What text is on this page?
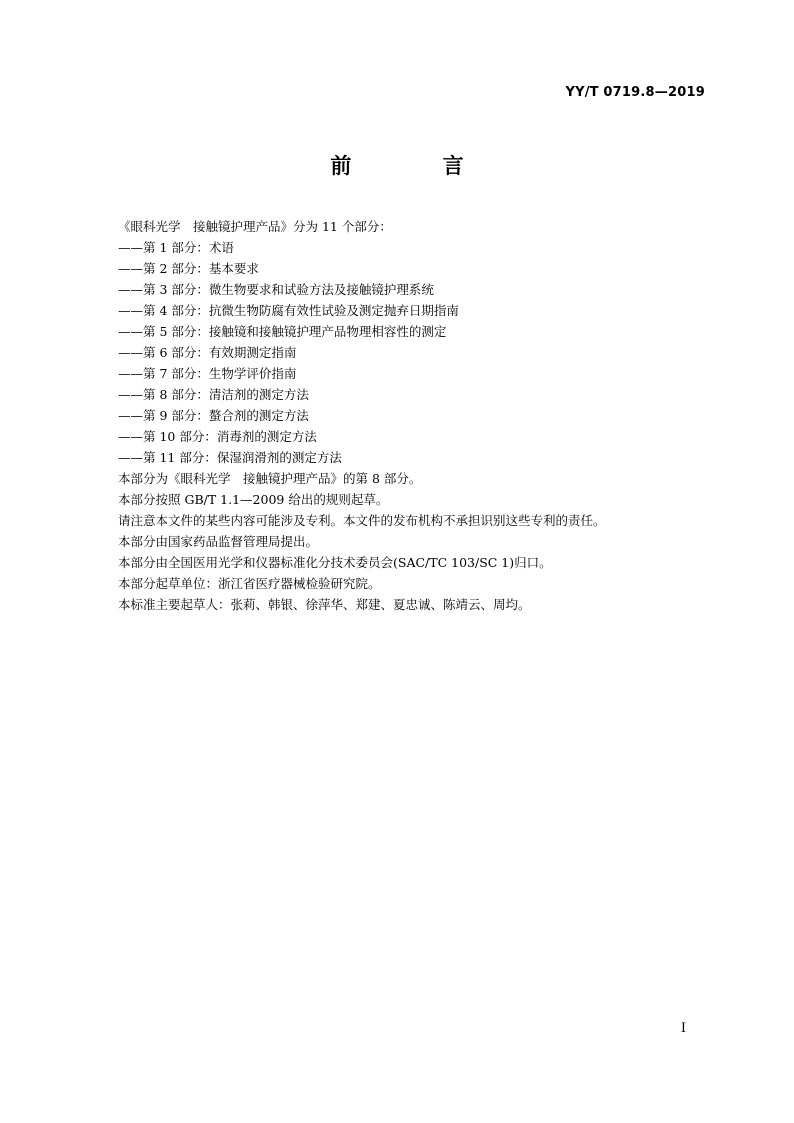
YY/T 0719.8—2019
前 言
《眼科光学　接触镜护理产品》分为 11 个部分：
——第 1 部分：术语
——第 2 部分：基本要求
——第 3 部分：微生物要求和试验方法及接触镜护理系统
——第 4 部分：抗微生物防腐有效性试验及测定抛弃日期指南
——第 5 部分：接触镜和接触镜护理产品物理相容性的测定
——第 6 部分：有效期测定指南
——第 7 部分：生物学评价指南
——第 8 部分：清洁剂的测定方法
——第 9 部分：螯合剂的测定方法
——第 10 部分：消毒剂的测定方法
——第 11 部分：保湿润滑剂的测定方法
本部分为《眼科光学　接触镜护理产品》的第 8 部分。
本部分按照 GB/T 1.1—2009 给出的规则起草。
请注意本文件的某些内容可能涉及专利。本文件的发布机构不承担识别这些专利的责任。
本部分由国家药品监督管理局提出。
本部分由全国医用光学和仪器标准化分技术委员会(SAC/TC 103/SC 1)归口。
本部分起草单位：浙江省医疗器械检验研究院。
本标准主要起草人：张莉、韩银、徐萍华、郑建、夏忠诚、陈靖云、周均。
I
